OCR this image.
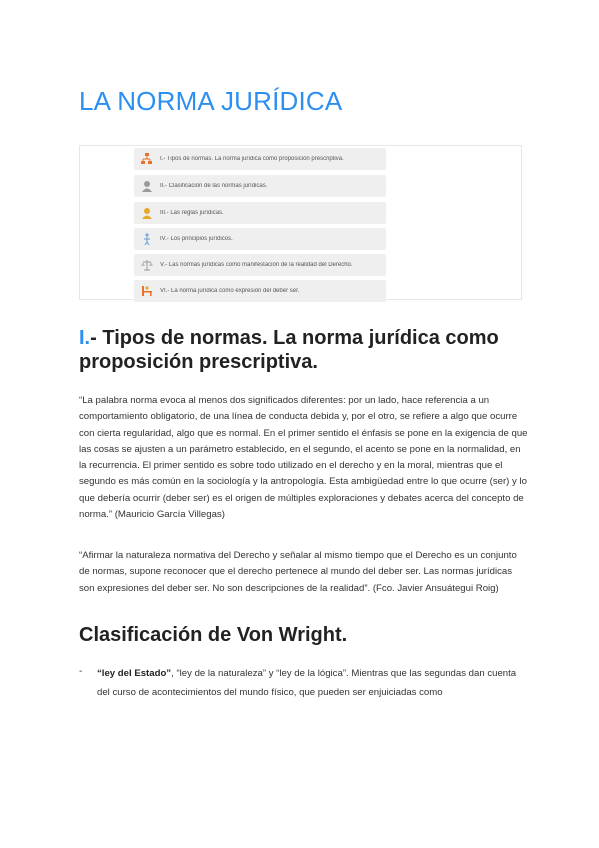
LA NORMA JURÍDICA
I.- Tipos de normas. La norma jurídica como proposición prescriptiva.
II.- Clasificación de las normas jurídicas.
III.- Las reglas jurídicas.
IV.- Los principios jurídicos.
V.- Las normas jurídicas como manifestación de la realidad del Derecho.
VI.- La norma jurídica como expresión del deber ser.
I.- Tipos de normas. La norma jurídica como proposición prescriptiva.

“La palabra norma evoca al menos dos significados diferentes: por un lado, hace referencia a un comportamiento obligatorio, de una línea de conducta debida y, por el otro, se refiere a algo que ocurre con cierta regularidad, algo que es normal. En el primer sentido el énfasis se pone en la exigencia de que las cosas se ajusten a un parámetro establecido, en el segundo, el acento se pone en la normalidad, en la recurrencia. El primer sentido es sobre todo utilizado en el derecho y en la moral, mientras que el segundo es más común en la sociología y la antropología. Esta ambigüedad entre lo que ocurre (ser) y lo que debería ocurrir (deber ser) es el origen de múltiples exploraciones y debates acerca del concepto de norma.” (Mauricio García Villegas)

“Afirmar la naturaleza normativa del Derecho y señalar al mismo tiempo que el Derecho es un conjunto de normas, supone reconocer que el derecho pertenece al mundo del deber ser. Las normas jurídicas son expresiones del deber ser. No son descripciones de la realidad”. (Fco. Javier Ansuátegui Roig)

Clasificación de Von Wright.
- “ley del Estado”, “ley de la naturaleza” y “ley de la lógica”. Mientras que las segundas dan cuenta del curso de acontecimientos del mundo físico, que pueden ser enjuiciadas como
